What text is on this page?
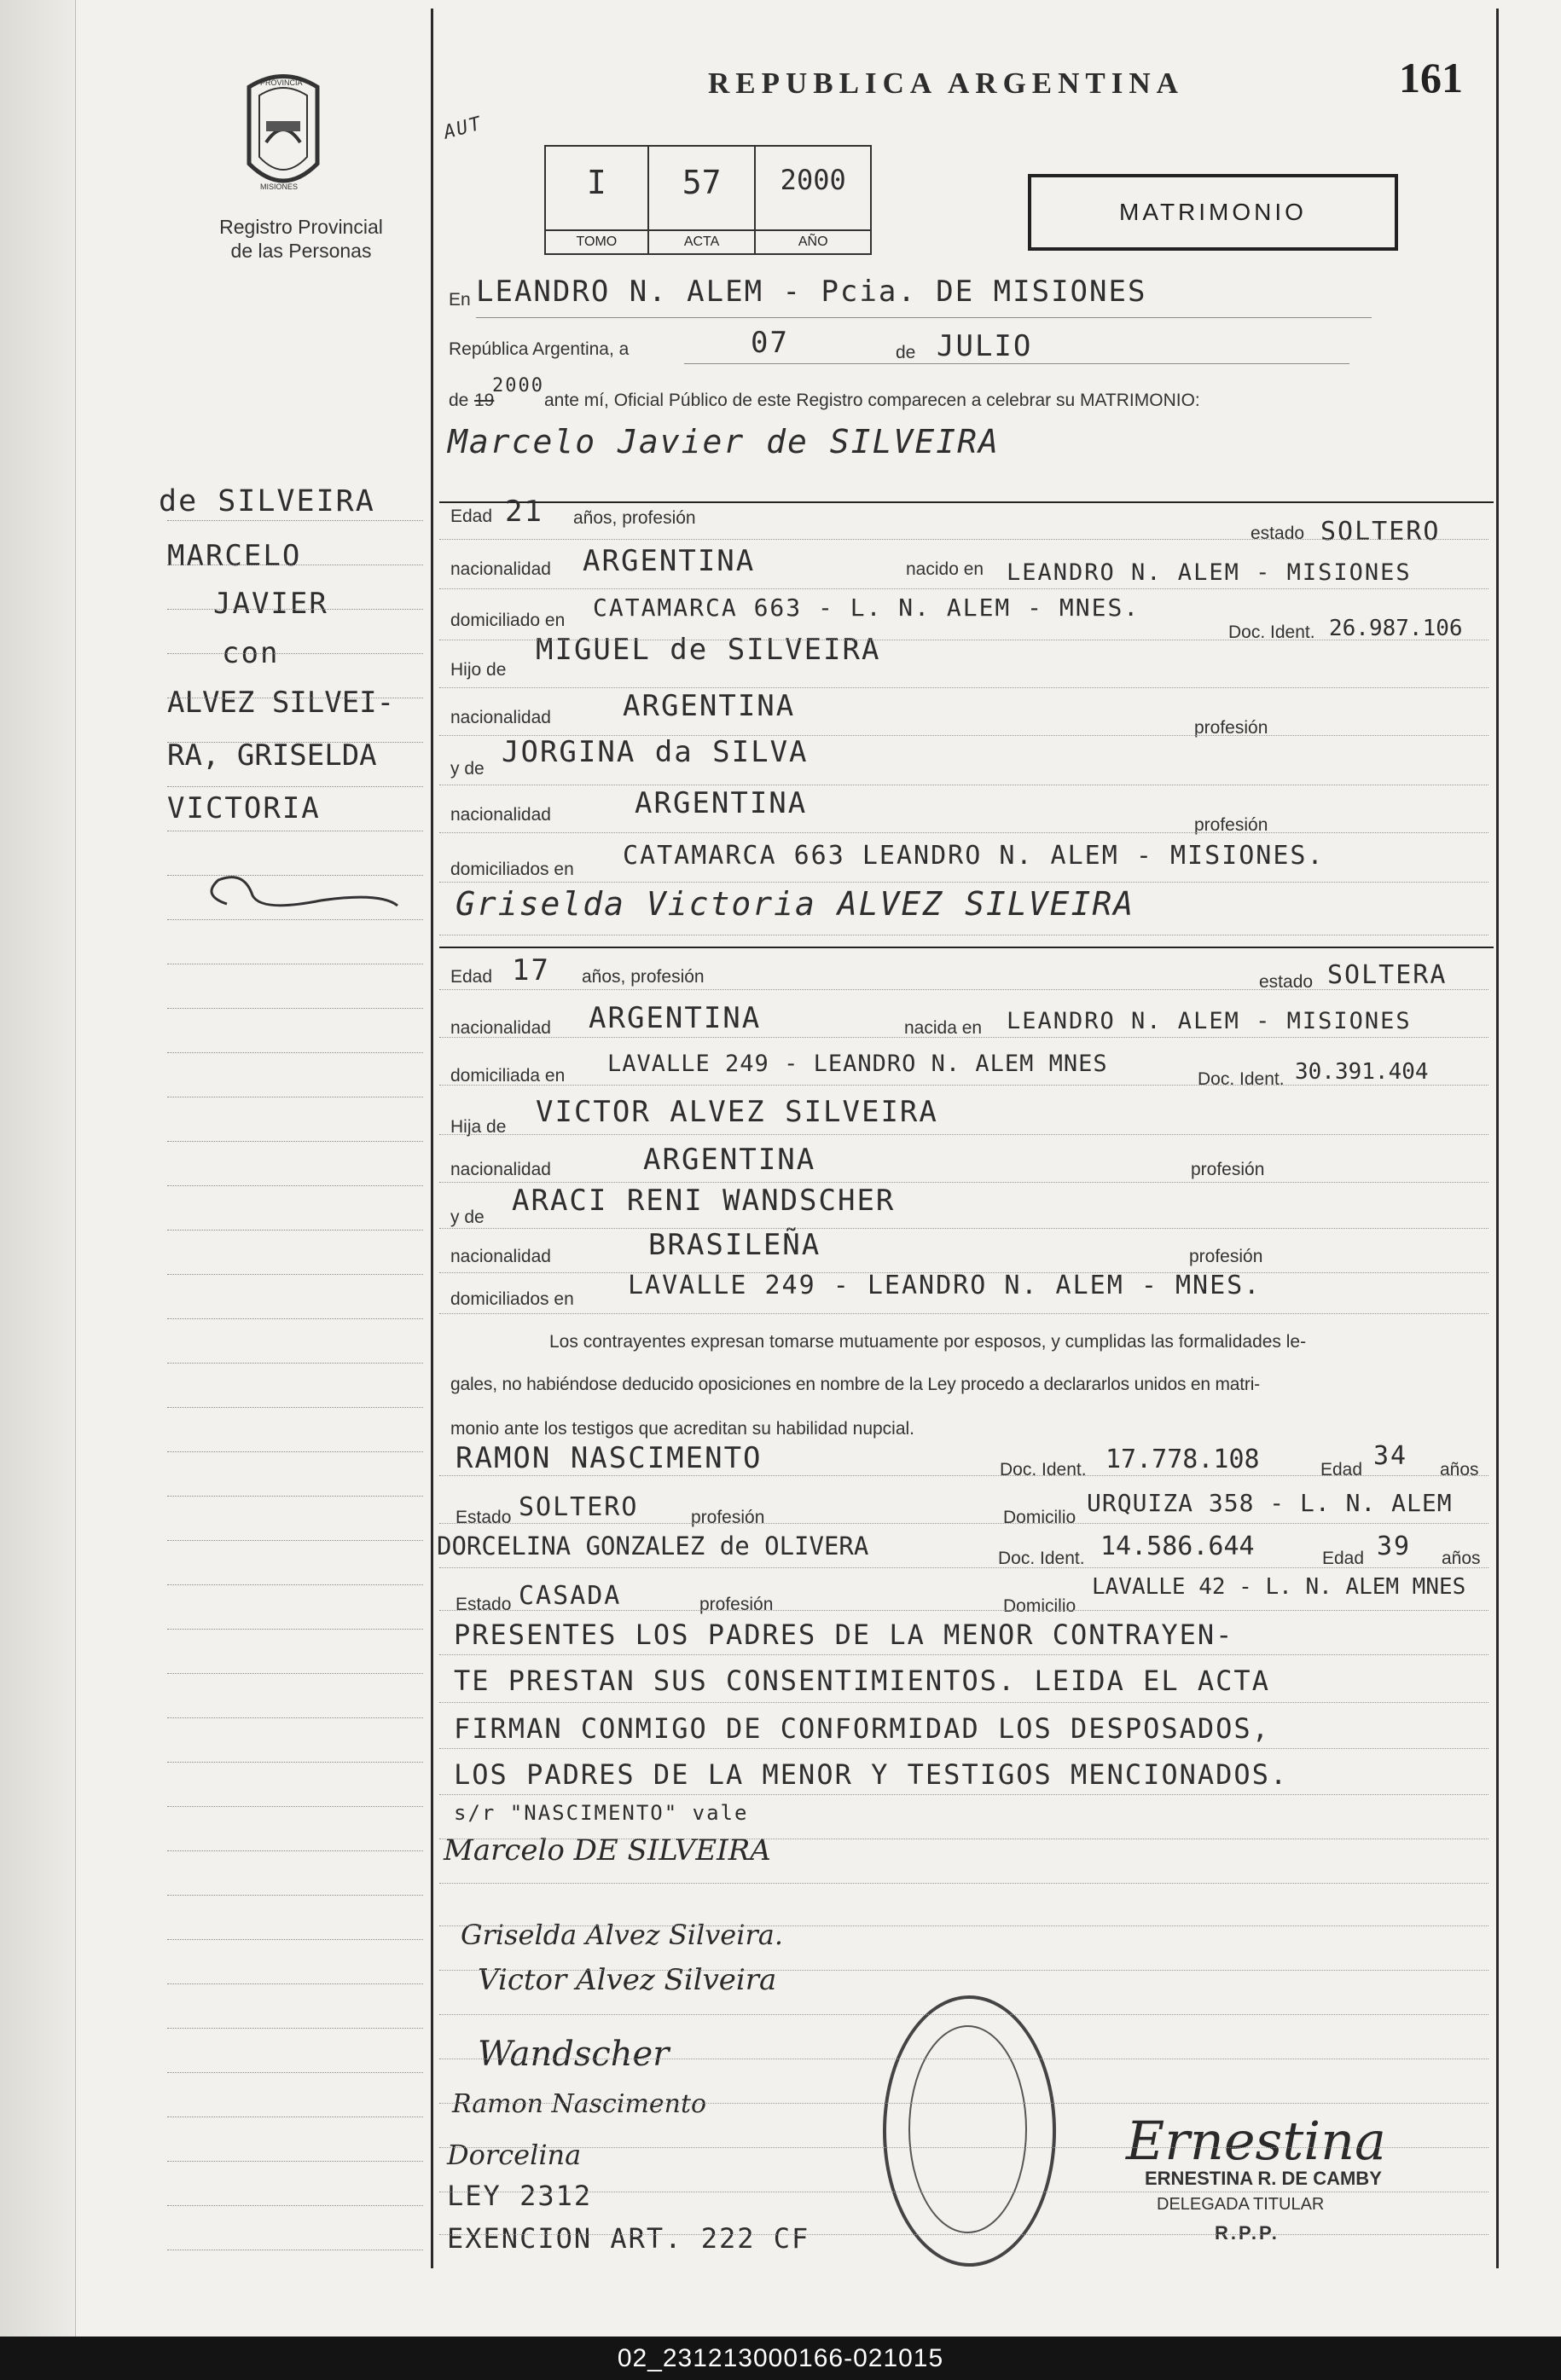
AUT
REPUBLICA ARGENTINA	161
PROVINCIA
MISIONES
Registro Provincial
de las Personas
I
TOMO
57
ACTA
2000
AÑO
MATRIMONIO
En LEANDRO N. ALEM - Pcia. DE MISIONES
República Argentina, a	07	de JULIO
de 19
2000
ante mí, Oficial Público de este Registro comparecen a celebrar su MATRIMONIO:
Marcelo Javier de SILVEIRA
Edad 21 años, profesión
estado SOLTERO
nacionalidad ARGENTINA	nacido en LEANDRO N. ALEM - MISIONES
domiciliado en CATAMARCA 663 - L. N. ALEM - MNES.
Doc. Ident. 26.987.106
Hijo de
MIGUEL de SILVEIRA
nacionalidad ARGENTINA
profesión
y de JORGINA da SILVA
nacionalidad	ARGENTINA
profesión
domiciliados en CATAMARCA 663 LEANDRO N. ALEM - MISIONES.
Griselda Victoria ALVEZ SILVEIRA
Edad 17 años, profesión	estado SOLTERA
nacionalidad ARGENTINA	nacida en LEANDRO N. ALEM - MISIONES
domiciliada en LAVALLE 249 - LEANDRO N. ALEM MNES
Doc. Ident. 30.391.404
Hija de VICTOR ALVEZ SILVEIRA
nacionalidad	ARGENTINA	profesión
y de ARACI RENI WANDSCHER
nacionalidad	BRASILEÑA	profesión
domiciliados en LAVALLE 249 - LEANDRO N. ALEM - MNES.
Los contrayentes expresan tomarse mutuamente por esposos, y cumplidas las formalidades le-
gales, no habiéndose deducido oposiciones en nombre de la Ley procedo a declararlos unidos en matri-
monio ante los testigos que acreditan su habilidad nupcial.
RAMON NASCIMENTO	Doc. Ident. 17.778.108	Edad 34 años
Estado SOLTERO	profesión	Domicilio
URQUIZA 358 - L. N. ALEM
DORCELINA GONZALEZ de OLIVERA	Doc. Ident. 14.586.644	Edad 39 años
Estado CASADA	profesión	Domicilio
LAVALLE 42 - L. N. ALEM MNES
PRESENTES LOS PADRES DE LA MENOR CONTRAYEN-
TE PRESTAN SUS CONSENTIMIENTOS. LEIDA EL ACTA
FIRMAN CONMIGO DE CONFORMIDAD LOS DESPOSADOS,
LOS PADRES DE LA MENOR Y TESTIGOS MENCIONADOS.
s/r "NASCIMENTO" vale
Marcelo DE SILVEIRA
Griselda Alvez Silveira.
Victor Alvez Silveira
Wandscher
Ramon Nascimento
Dorcelina
LEY 2312
EXENCION ART. 222 CF
Ernestina
ERNESTINA R. DE CAMBY
DELEGADA TITULAR
R.P.P.
de SILVEIRA
MARCELO
JAVIER
con
ALVEZ SILVEI-
RA, GRISELDA
VICTORIA
02_231213000166-021015
